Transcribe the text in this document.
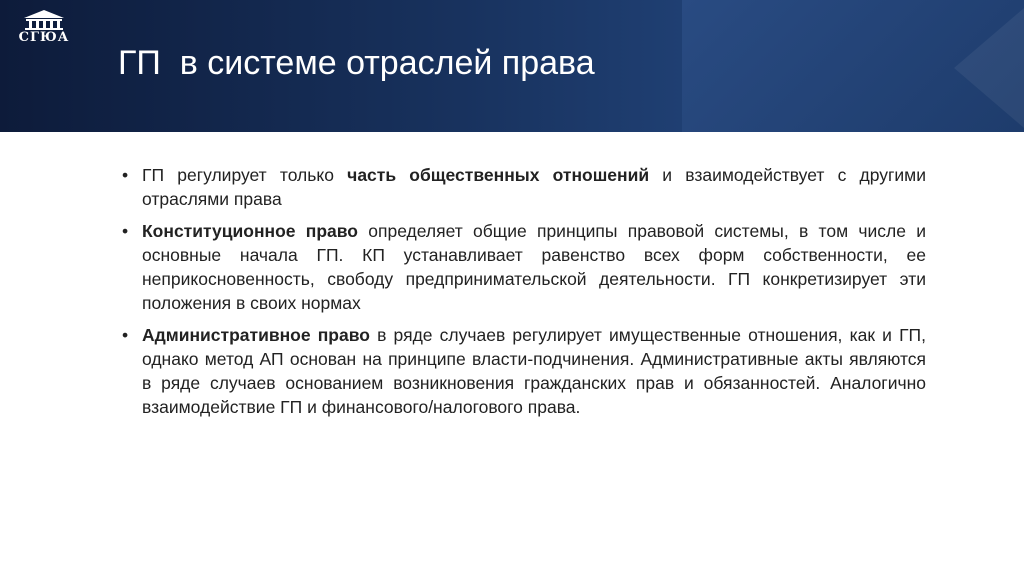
СГЮА
ГП  в системе отраслей права
• ГП регулирует только часть общественных отношений и взаимодействует с другими отраслями права
• Конституционное право определяет общие принципы правовой системы, в том числе и основные начала ГП. КП устанавливает равенство всех форм собственности, ее неприкосновенность, свободу предпринимательской деятельности. ГП конкретизирует эти положения в своих нормах
• Административное право в ряде случаев регулирует имущественные отношения, как и ГП, однако метод АП основан на принципе власти-подчинения. Административные акты являются в ряде случаев основанием возникновения гражданских прав и обязанностей. Аналогично взаимодействие ГП и финансового/налогового права.
